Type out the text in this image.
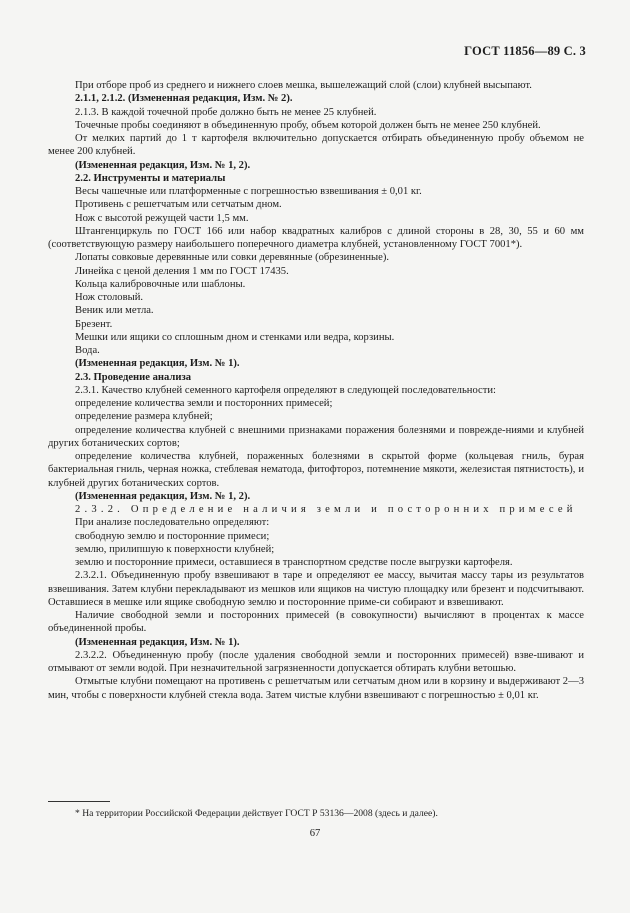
ГОСТ 11856—89 С. 3

При отборе проб из среднего и нижнего слоев мешка, вышележащий слой (слои) клубней высыпают.

2.1.1, 2.1.2. (Измененная редакция, Изм. № 2).

2.1.3. В каждой точечной пробе должно быть не менее 25 клубней.

Точечные пробы соединяют в объединенную пробу, объем которой должен быть не менее 250 клубней.

От мелких партий до 1 т картофеля включительно допускается отбирать объединенную пробу объемом не менее 200 клубней.

(Измененная редакция, Изм. № 1, 2).

2.2. Инструменты и материалы

Весы чашечные или платформенные с погрешностью взвешивания ± 0,01 кг.

Противень с решетчатым или сетчатым дном.

Нож с высотой режущей части 1,5 мм.

Штангенциркуль по ГОСТ 166 или набор квадратных калибров с длиной стороны в 28, 30, 55 и 60 мм (соответствующую размеру наибольшего поперечного диаметра клубней, установленному ГОСТ 7001*).

Лопаты совковые деревянные или совки деревянные (обрезиненные).

Линейка с ценой деления 1 мм по ГОСТ 17435.

Кольца калибровочные или шаблоны.

Нож столовый.

Веник или метла.

Брезент.

Мешки или ящики со сплошным дном и стенками или ведра, корзины.

Вода.

(Измененная редакция, Изм. № 1).

2.3. Проведение анализа

2.3.1. Качество клубней семенного картофеля определяют в следующей последовательности:

определение количества земли и посторонних примесей;

определение размера клубней;

определение количества клубней с внешними признаками поражения болезнями и поврежде-ниями и клубней других ботанических сортов;

определение количества клубней, пораженных болезнями в скрытой форме (кольцевая гниль, бурая бактериальная гниль, черная ножка, стеблевая нематода, фитофтороз, потемнение мякоти, железистая пятнистость), и клубней других ботанических сортов.

(Измененная редакция, Изм. № 1, 2).

2.3.2. Определение наличия земли и посторонних примесей

При анализе последовательно определяют:

свободную землю и посторонние примеси;

землю, прилипшую к поверхности клубней;

землю и посторонние примеси, оставшиеся в транспортном средстве после выгрузки картофеля.

2.3.2.1. Объединенную пробу взвешивают в таре и определяют ее массу, вычитая массу тары из результатов взвешивания. Затем клубни перекладывают из мешков или ящиков на чистую площадку или брезент и подсчитывают. Оставшиеся в мешке или ящике свободную землю и посторонние приме-си собирают и взвешивают.

Наличие свободной земли и посторонних примесей (в совокупности) вычисляют в процентах к массе объединенной пробы.

(Измененная редакция, Изм. № 1).

2.3.2.2. Объединенную пробу (после удаления свободной земли и посторонних примесей) взве-шивают и отмывают от земли водой. При незначительной загрязненности допускается обтирать клубни ветошью.

Отмытые клубни помещают на противень с решетчатым или сетчатым дном или в корзину и выдерживают 2—3 мин, чтобы с поверхности клубней стекла вода. Затем чистые клубни взвешивают с погрешностью ± 0,01 кг.

* На территории Российской Федерации действует ГОСТ Р 53136—2008 (здесь и далее).
67
